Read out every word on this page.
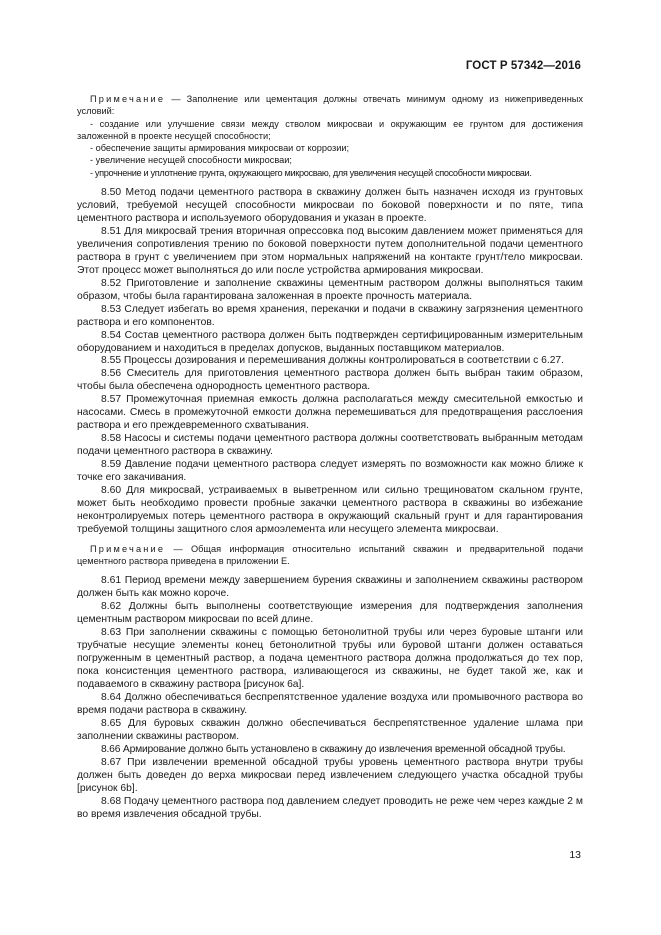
ГОСТ Р 57342—2016

Примечание — Заполнение или цементация должны отвечать минимум одному из нижеприведенных условий:

- создание или улучшение связи между стволом микросваи и окружающим ее грунтом для достижения заложенной в проекте несущей способности;

- обеспечение защиты армирования микросваи от коррозии;

- увеличение несущей способности микросваи;

- упрочнение и уплотнение грунта, окружающего микросваю, для увеличения несущей способности микросваи.

8.50 Метод подачи цементного раствора в скважину должен быть назначен исходя из грунтовых условий, требуемой несущей способности микросваи по боковой поверхности и по пяте, типа цементного раствора и используемого оборудования и указан в проекте.

8.51 Для микросвай трения вторичная опрессовка под высоким давлением может применяться для увеличения сопротивления трению по боковой поверхности путем дополнительной подачи цементного раствора в грунт с увеличением при этом нормальных напряжений на контакте грунт/тело микросваи. Этот процесс может выполняться до или после устройства армирования микросваи.

8.52 Приготовление и заполнение скважины цементным раствором должны выполняться таким образом, чтобы была гарантирована заложенная в проекте прочность материала.

8.53 Следует избегать во время хранения, перекачки и подачи в скважину загрязнения цементного раствора и его компонентов.

8.54 Состав цементного раствора должен быть подтвержден сертифицированным измерительным оборудованием и находиться в пределах допусков, выданных поставщиком материалов.

8.55 Процессы дозирования и перемешивания должны контролироваться в соответствии с 6.27.

8.56 Смеситель для приготовления цементного раствора должен быть выбран таким образом, чтобы была обеспечена однородность цементного раствора.

8.57 Промежуточная приемная емкость должна располагаться между смесительной емкостью и насосами. Смесь в промежуточной емкости должна перемешиваться для предотвращения расслоения раствора и его преждевременного схватывания.

8.58 Насосы и системы подачи цементного раствора должны соответствовать выбранным методам подачи цементного раствора в скважину.

8.59 Давление подачи цементного раствора следует измерять по возможности как можно ближе к точке его закачивания.

8.60 Для микросвай, устраиваемых в выветренном или сильно трещиноватом скальном грунте, может быть необходимо провести пробные закачки цементного раствора в скважины во избежание неконтролируемых потерь цементного раствора в окружающий скальный грунт и для гарантирования требуемой толщины защитного слоя армоэлемента или несущего элемента микросваи.

Примечание — Общая информация относительно испытаний скважин и предварительной подачи цементного раствора приведена в приложении Е.

8.61 Период времени между завершением бурения скважины и заполнением скважины раствором должен быть как можно короче.

8.62 Должны быть выполнены соответствующие измерения для подтверждения заполнения цементным раствором микросваи по всей длине.

8.63 При заполнении скважины с помощью бетонолитной трубы или через буровые штанги или трубчатые несущие элементы конец бетонолитной трубы или буровой штанги должен оставаться погруженным в цементный раствор, а подача цементного раствора должна продолжаться до тех пор, пока консистенция цементного раствора, изливающегося из скважины, не будет такой же, как и подаваемого в скважину раствора [рисунок 6а].

8.64 Должно обеспечиваться беспрепятственное удаление воздуха или промывочного раствора во время подачи раствора в скважину.

8.65 Для буровых скважин должно обеспечиваться беспрепятственное удаление шлама при заполнении скважины раствором.

8.66 Армирование должно быть установлено в скважину до извлечения временной обсадной трубы.

8.67 При извлечении временной обсадной трубы уровень цементного раствора внутри трубы должен быть доведен до верха микросваи перед извлечением следующего участка обсадной трубы [рисунок 6b].

8.68 Подачу цементного раствора под давлением следует проводить не реже чем через каждые 2 м во время извлечения обсадной трубы.

13
